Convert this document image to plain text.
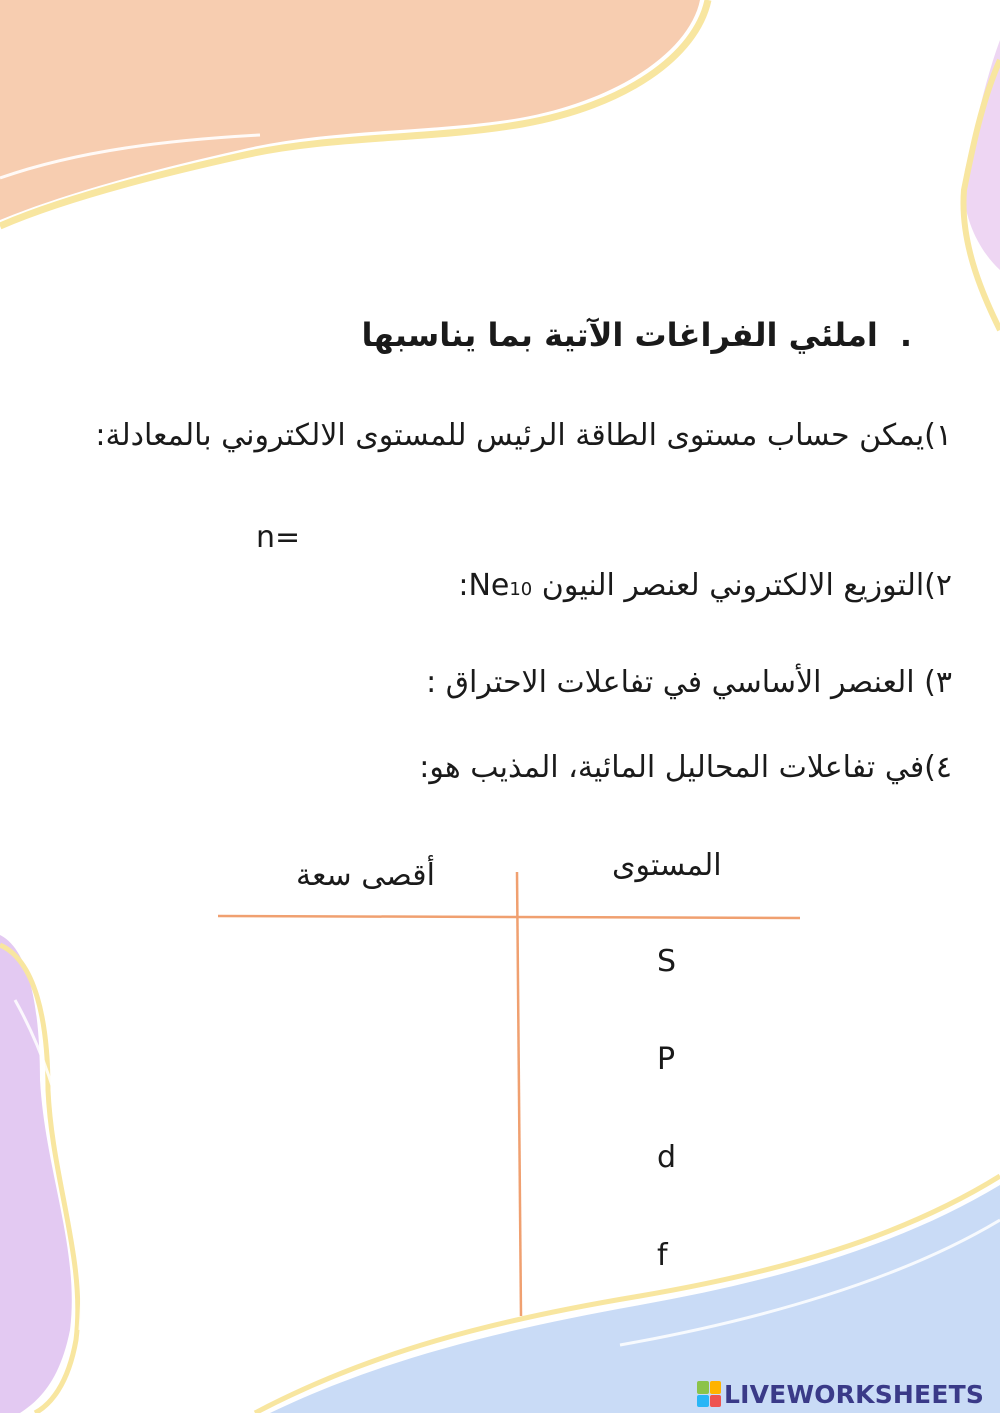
.املئي الفراغات الآتية بما يناسبها
١)يمكن حساب مستوى الطاقة الرئيس للمستوى الالكتروني بالمعادلة:
n=
٢)التوزيع الالكتروني لعنصر النيون Ne10:
٣) العنصر الأساسي في تفاعلات الاحتراق :
٤)في تفاعلات المحاليل المائية، المذيب هو:
المستوى
أقصى سعة
S
P
d
f
LIVEWORKSHEETS
